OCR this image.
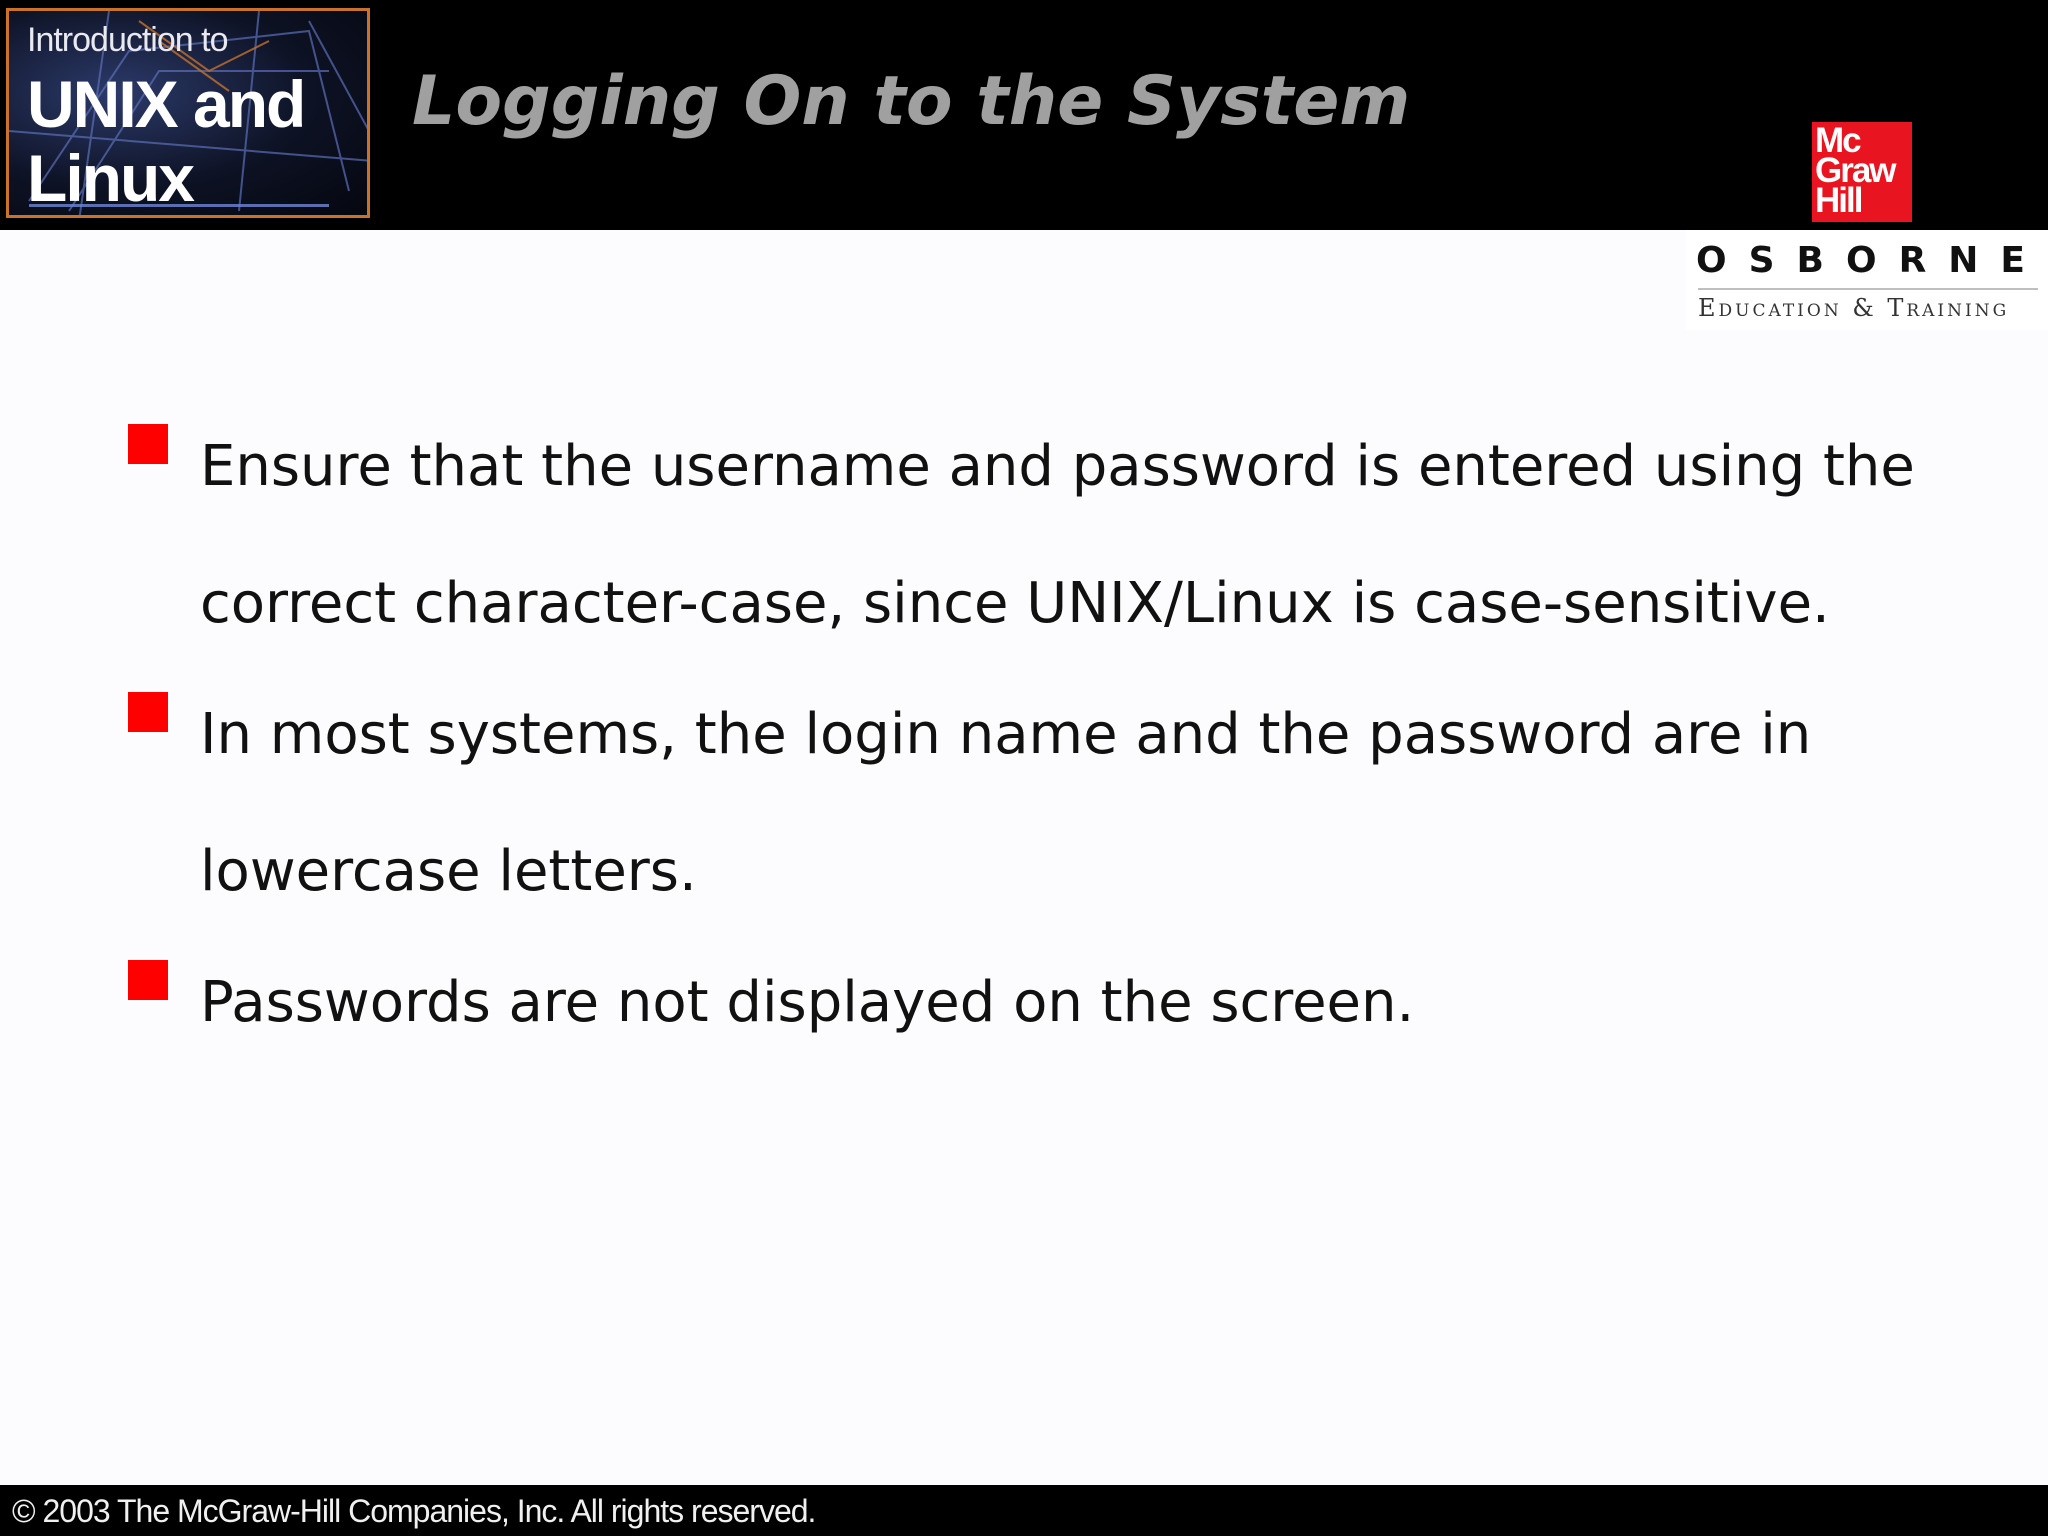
Introduction to
UNIX and
Linux
Logging On to the System	Mc
Graw
Hill
OSBORNE
Education & Training
Ensure that the username and password is entered using the correct character-case, since UNIX/Linux is case-sensitive.
In most systems, the login name and the password are in lowercase letters.
Passwords are not displayed on the screen.
© 2003 The McGraw-Hill Companies, Inc. All rights reserved.
